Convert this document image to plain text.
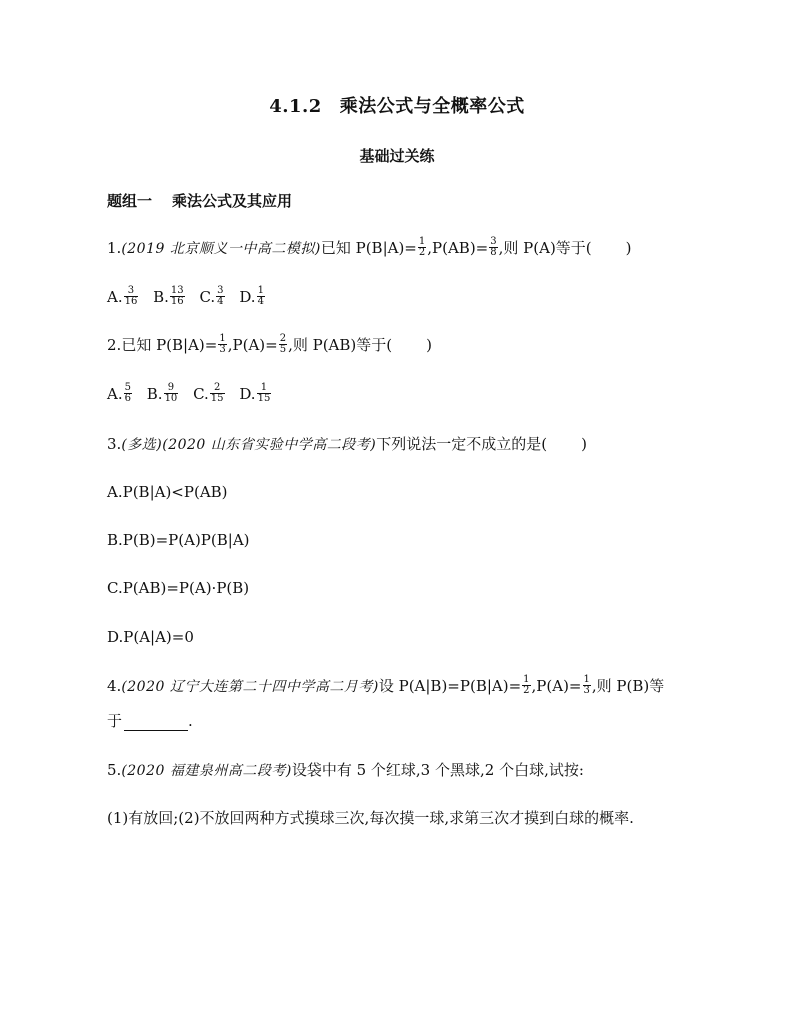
4.1.2 乘法公式与全概率公式
基础过关练
题组一 乘法公式及其应用
1.(2019 北京顺义一中高二模拟)已知 $P(B|A)= \frac{1}{2} ,P(AB)= \frac{3}{8}$ ,则 P(A)等于( )
A. $\frac{3}{16} B$. $\frac{13}{16} C$. $\frac{3}{4} D$. $\frac{1}{4}$
2.已知 $P(B|A)= \frac{1}{3} ,P(A)= \frac{2}{5}$ ,则 P(AB)等于( )
A. $\frac{5}{6} B$. $\frac{9}{10} C$. $\frac{2}{15} D$. $\frac{1}{15}$
3.(多选)(2020 山东省实验中学高二段考)下列说法一定不成立的是( )
A.P(B|A)<P(AB)
B.P(B)=P(A)P(B|A)
C.P(AB)=P(A)·P(B)
D.P(A|A)=0
4.(2020 辽宁大连第二十四中学高二月考)设 $P(A|B)=P(B|A)= \frac{1}{2} ,P(A)= \frac{1}{3}$ ,则 P(B)等
于	.
5.(2020 福建泉州高二段考)设袋中有 5 个红球,3 个黑球,2 个白球,试按:
(1)有放回;(2)不放回两种方式摸球三次,每次摸一球,求第三次才摸到白球的概率.
